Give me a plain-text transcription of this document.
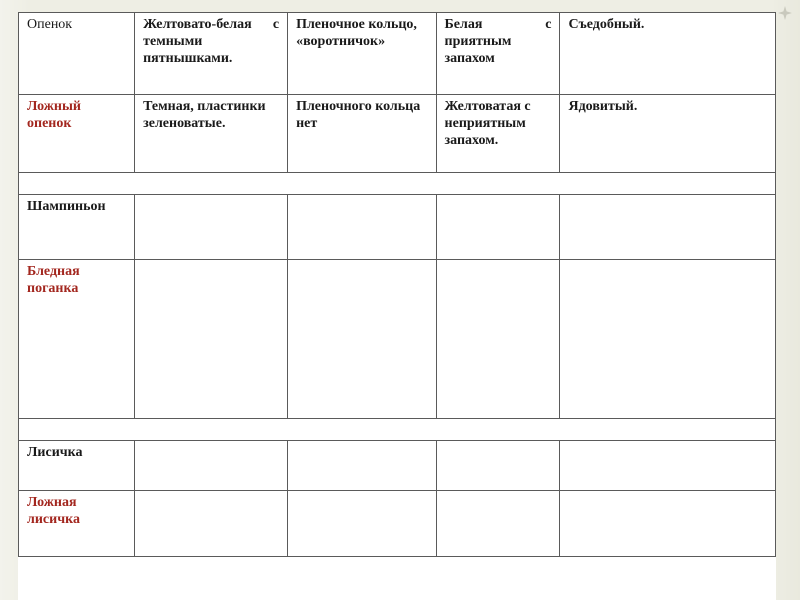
Опенок	Желтовато-белая с темными пятнышками.	Пленочное кольцо, «воротничок»	Белая с приятным запахом	Съедобный.
Ложный опенок	Темная, пластинки зеленоватые.	Пленочного кольца нет	Желтоватая с неприятным запахом.	Ядовитый.

Шампиньон				
Бледная поганка				

Лисичка				
Ложная лисичка				
